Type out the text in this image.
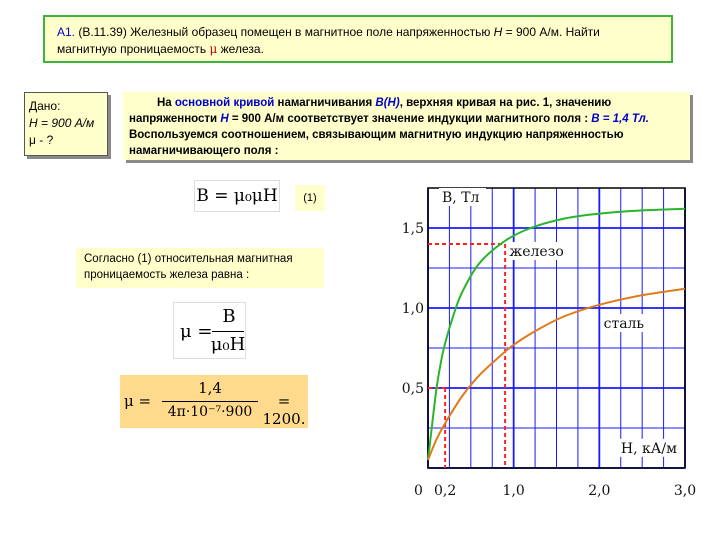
А1. (В.11.39) Железный образец помещен в магнитное поле напряженностью H = 900 А/м. Найти
магнитную проницаемость μ железа.
Дано:
H = 900 А/м
μ - ?
На основной кривой намагничивания B(H), верхняя кривая на рис. 1, значению
напряженности H = 900 А/м соответствует значение индукции магнитного поля : B = 1,4 Тл.
Воспользуемся соотношением, связывающим магнитную индукцию напряженностью
намагничивающего поля :
B = μ₀μH	(1)
Согласно (1) относительная магнитная
проницаемость железа равна :
μ =
B
μ₀H
μ =
1,4
4π·10⁻⁷·900
= 1200.
1,5
1,0
0,5
0 0,2	1,0	2,0	3,0
B, Тл
H, кА/м
железо
сталь
